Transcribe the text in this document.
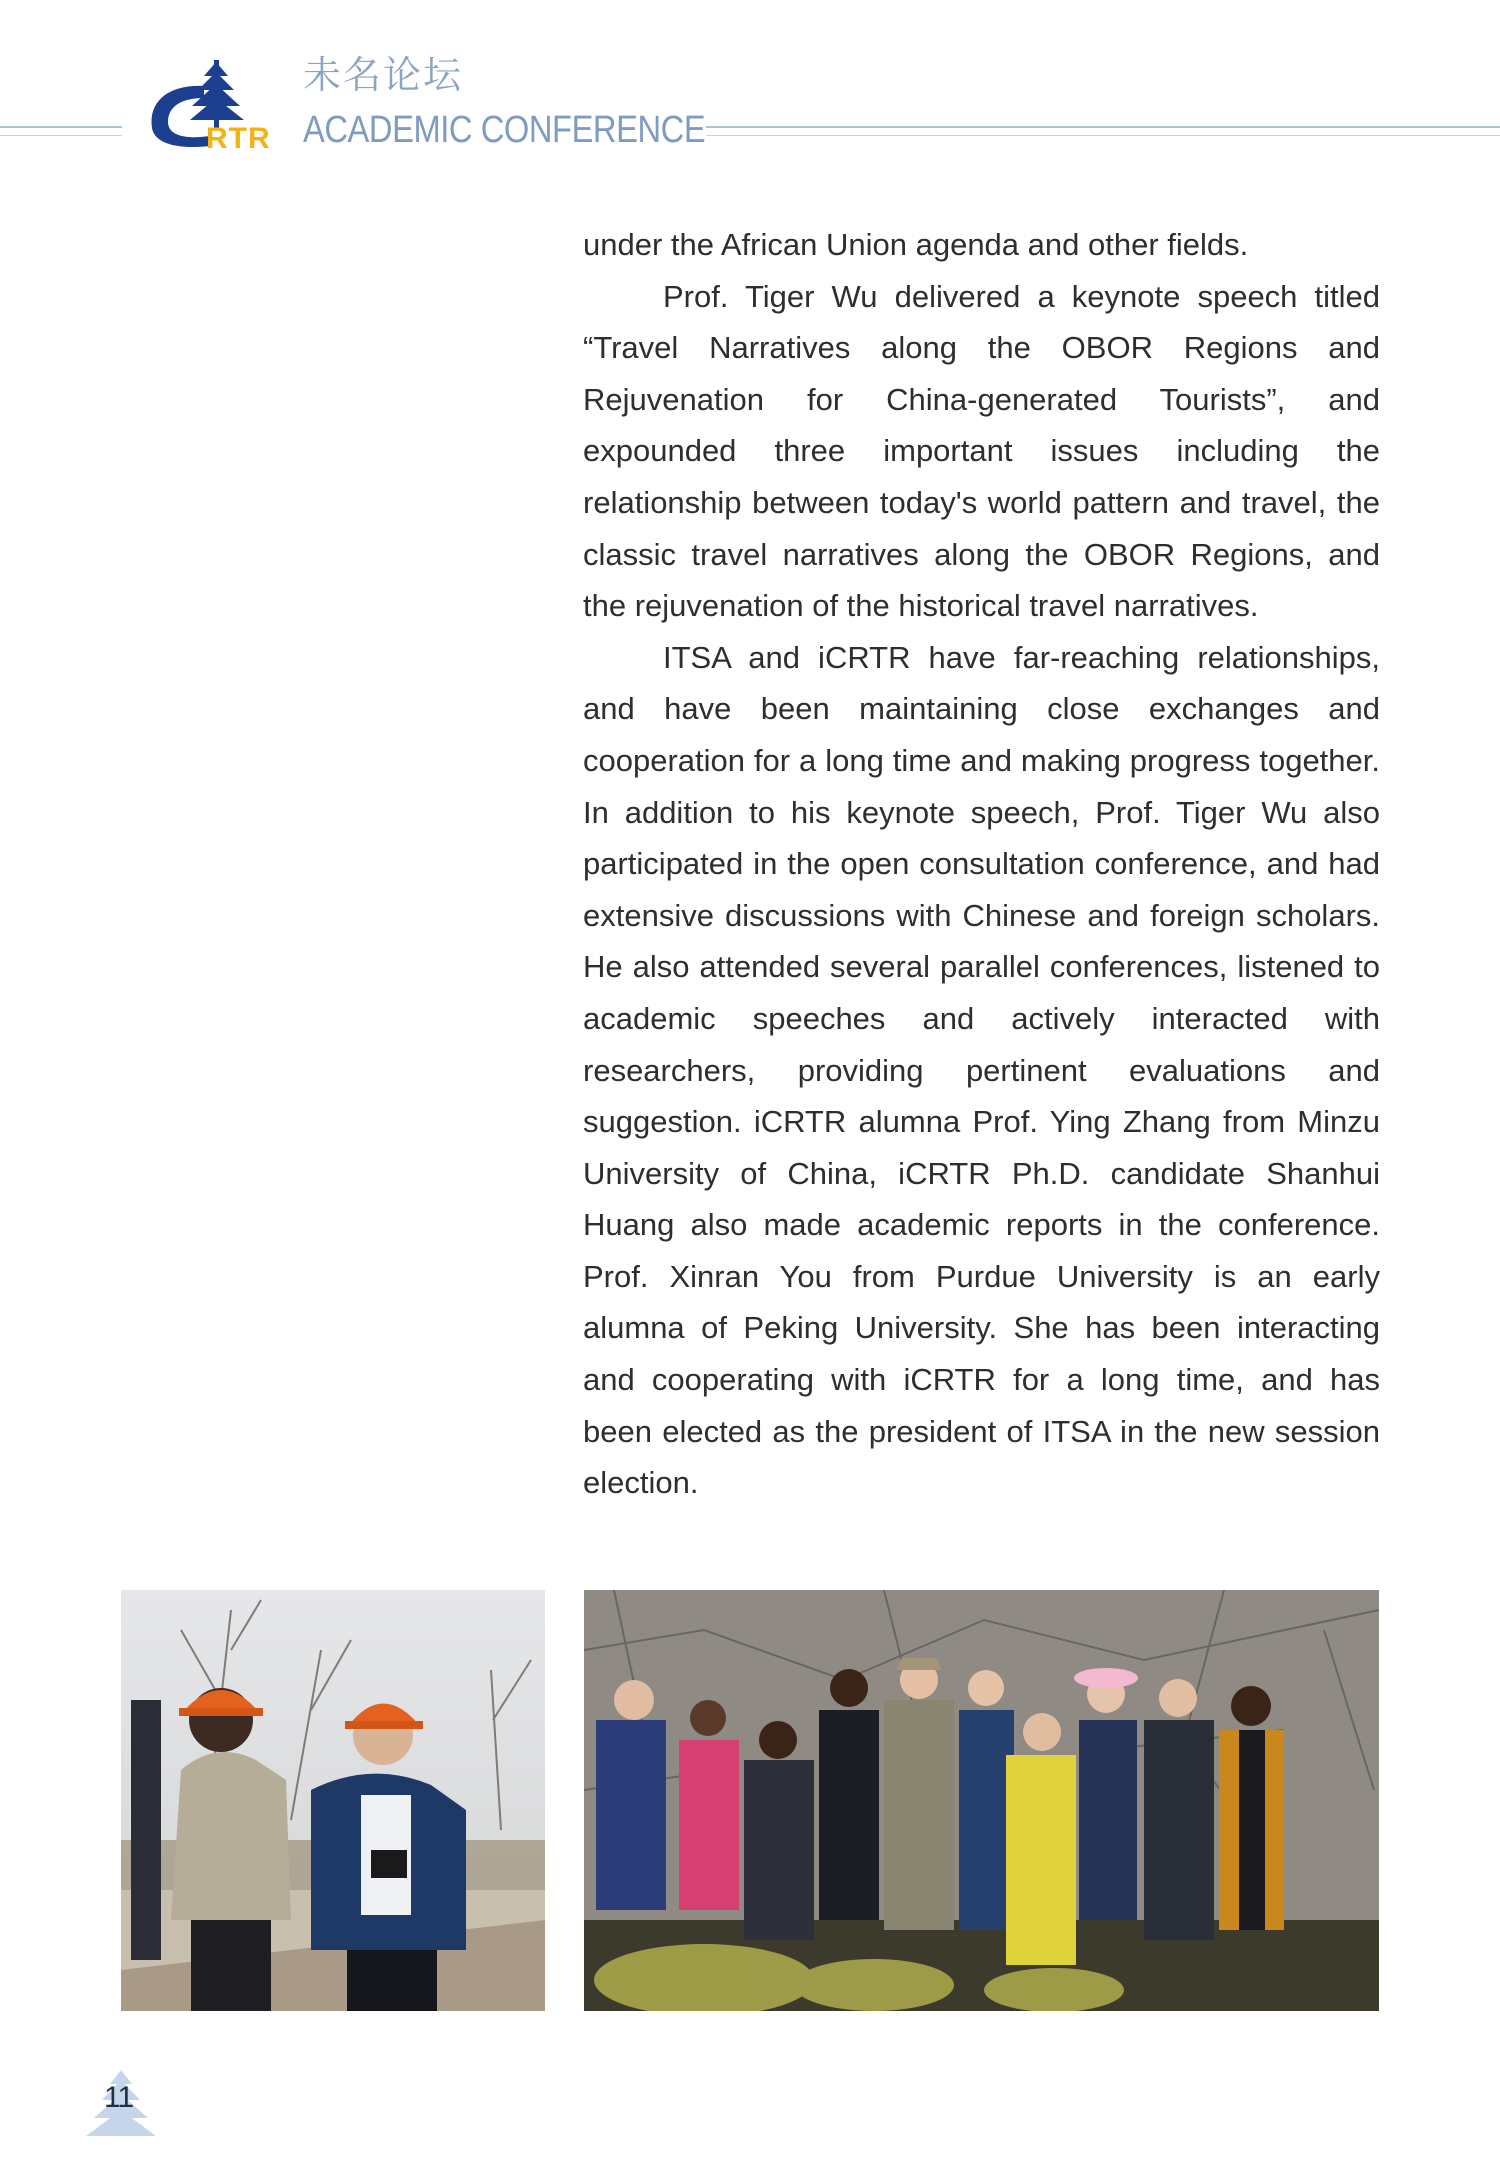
RTR
未名论坛
ACADEMIC CONFERENCE

under the African Union agenda and other fields.

Prof. Tiger Wu delivered a keynote speech titled “Travel Narratives along the OBOR Regions and Rejuvenation for China-generated Tourists”, and expounded three important issues including the relationship between today's world pattern and travel, the classic travel narratives along the OBOR Regions, and the rejuvenation of the historical travel narratives.

ITSA and iCRTR have far-reaching relationships, and have been maintaining close exchanges and cooperation for a long time and making progress together. In addition to his keynote speech, Prof. Tiger Wu also participated in the open consultation conference, and had extensive discussions with Chinese and foreign scholars. He also attended several parallel conferences, listened to academic speeches and actively interacted with researchers, providing pertinent evaluations and suggestion. iCRTR alumna Prof. Ying Zhang from Minzu University of China, iCRTR Ph.D. candidate Shanhui Huang also made academic reports in the conference. Prof. Xinran You from Purdue University is an early alumna of Peking University. She has been interacting and cooperating with iCRTR for a long time, and has been elected as the president of ITSA in the new session election.

11
